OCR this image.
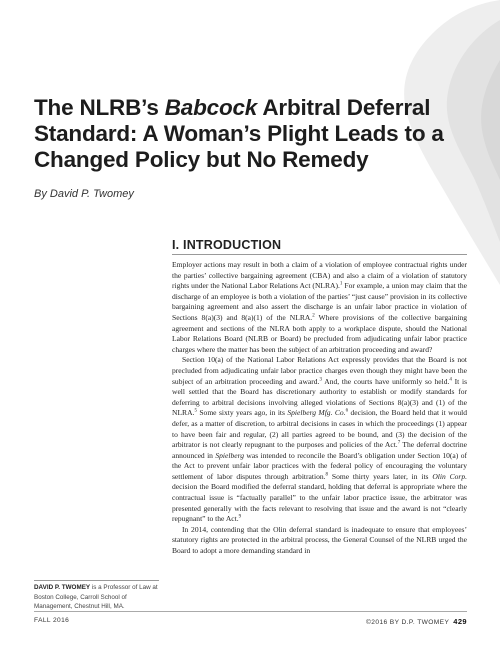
The NLRB’s Babcock Arbitral Deferral Standard: A Woman’s Plight Leads to a Changed Policy but No Remedy

By David P. Twomey

I. INTRODUCTION

Employer actions may result in both a claim of a violation of employee contractual rights under the parties’ collective bargaining agreement (CBA) and also a claim of a violation of statutory rights under the National Labor Relations Act (NLRA).$^1$ For example, a union may claim that the discharge of an employee is both a violation of the parties’ “just cause” provision in its collective bargaining agreement and also assert the discharge is an unfair labor practice in violation of Sections 8(a)(3) and 8(a)(1) of the NLRA.$^2$ Where provisions of the collective bargaining agreement and sections of the NLRA both apply to a workplace dispute, should the National Labor Relations Board (NLRB or Board) be precluded from adjudicating unfair labor practice charges where the matter has been the subject of an arbitration proceeding and award?

Section 10(a) of the National Labor Relations Act expressly provides that the Board is not precluded from adjudicating unfair labor practice charges even though they might have been the subject of an arbitration proceeding and award.$^3$ And, the courts have uniformly so held.$^4$ It is well settled that the Board has discretionary authority to establish or modify standards for deferring to arbitral decisions involving alleged violations of Sections 8(a)(3) and (1) of the NLRA.$^5$ Some sixty years ago, in its Spielberg Mfg. Co.$^6$ decision, the Board held that it would defer, as a matter of discretion, to arbitral decisions in cases in which the proceedings (1) appear to have been fair and regular, (2) all parties agreed to be bound, and (3) the decision of the arbitrator is not clearly repugnant to the purposes and policies of the Act.$^7$ The deferral doctrine announced in Spielberg was intended to reconcile the Board’s obligation under Section 10(a) of the Act to prevent unfair labor practices with the federal policy of encouraging the voluntary settlement of labor disputes through arbitration.$^8$ Some thirty years later, in its Olin Corp. decision the Board modified the deferral standard, holding that deferral is appropriate where the contractual issue is “factually parallel” to the unfair labor practice issue, the arbitrator was presented generally with the facts relevant to resolving that issue and the award is not “clearly repugnant” to the Act.$^9$

In 2014, contending that the Olin deferral standard is inadequate to ensure that employees’ statutory rights are protected in the arbitral process, the General Counsel of the NLRB urged the Board to adopt a more demanding standard in

DAVID P. TWOMEY is a Professor of Law at Boston College, Carroll School of Management, Chestnut Hill, MA.

FALL 2016	©2016 BY D.P. TWOMEY 429
